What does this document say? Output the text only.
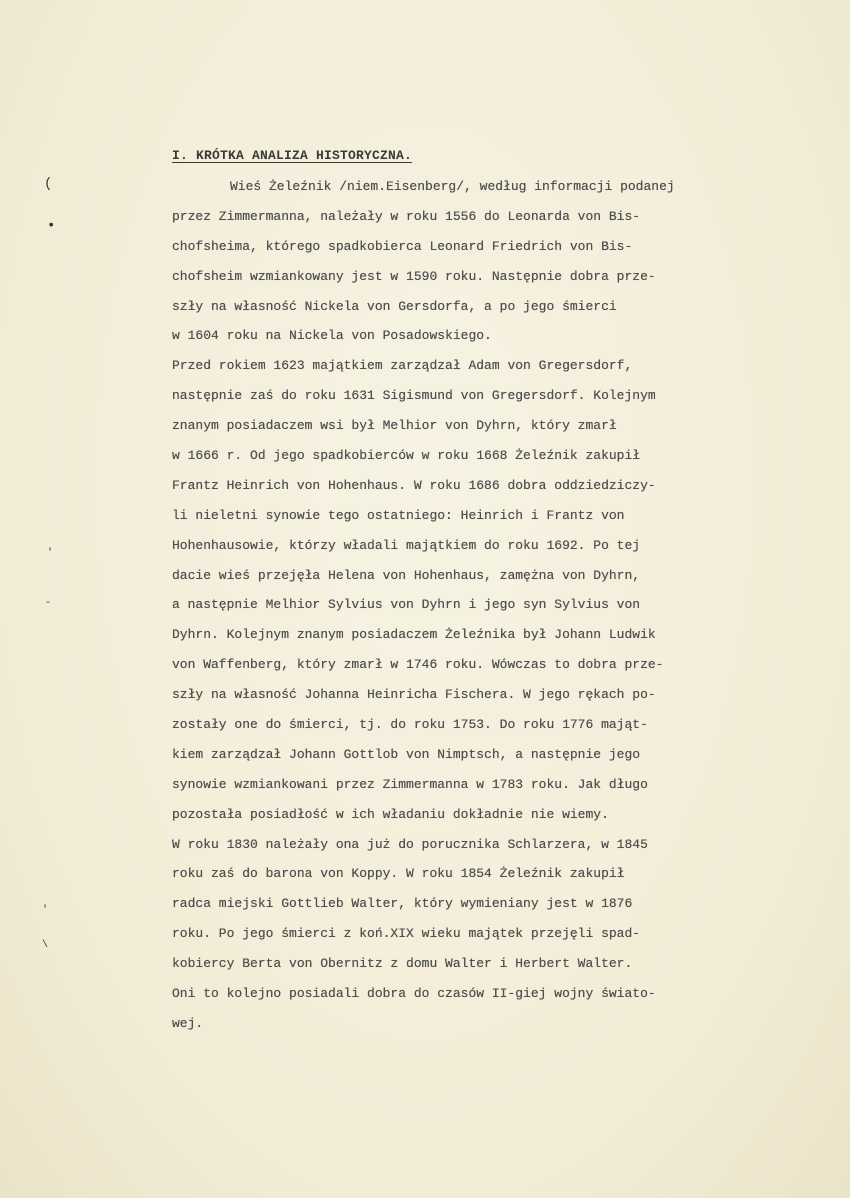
(
•
'
-
'
\
I. KRÓTKA ANALIZA HISTORYCZNA.
Wieś Żeleźnik /niem.Eisenberg/, według informacji podanej
przez Zimmermanna, należały w roku 1556 do Leonarda von Bis-
chofsheima, którego spadkobierca Leonard Friedrich von Bis-
chofsheim wzmiankowany jest w 1590 roku. Następnie dobra prze-
szły na własność Nickela von Gersdorfa, a po jego śmierci
w 1604 roku na Nickela von Posadowskiego.
Przed rokiem 1623 majątkiem zarządzał Adam von Gregersdorf,
następnie zaś do roku 1631 Sigismund von Gregersdorf. Kolejnym
znanym posiadaczem wsi był Melhior von Dyhrn, który zmarł
w 1666 r. Od jego spadkobierców w roku 1668 Żeleźnik zakupił
Frantz Heinrich von Hohenhaus. W roku 1686 dobra oddziedziczy-
li nieletni synowie tego ostatniego: Heinrich i Frantz von
Hohenhausowie, którzy władali majątkiem do roku 1692. Po tej
dacie wieś przejęła Helena von Hohenhaus, zamężna von Dyhrn,
a następnie Melhior Sylvius von Dyhrn i jego syn Sylvius von
Dyhrn. Kolejnym znanym posiadaczem Żeleźnika był Johann Ludwik
von Waffenberg, który zmarł w 1746 roku. Wówczas to dobra prze-
szły na własność Johanna Heinricha Fischera. W jego rękach po-
zostały one do śmierci, tj. do roku 1753. Do roku 1776 mająt-
kiem zarządzał Johann Gottlob von Nimptsch, a następnie jego
synowie wzmiankowani przez Zimmermanna w 1783 roku. Jak długo
pozostała posiadłość w ich władaniu dokładnie nie wiemy.
W roku 1830 należały ona już do porucznika Schlarzera, w 1845
roku zaś do barona von Koppy. W roku 1854 Żeleźnik zakupił
radca miejski Gottlieb Walter, który wymieniany jest w 1876
roku. Po jego śmierci z koń.XIX wieku majątek przejęli spad-
kobiercy Berta von Obernitz z domu Walter i Herbert Walter.
Oni to kolejno posiadali dobra do czasów II-giej wojny świato-
wej.
